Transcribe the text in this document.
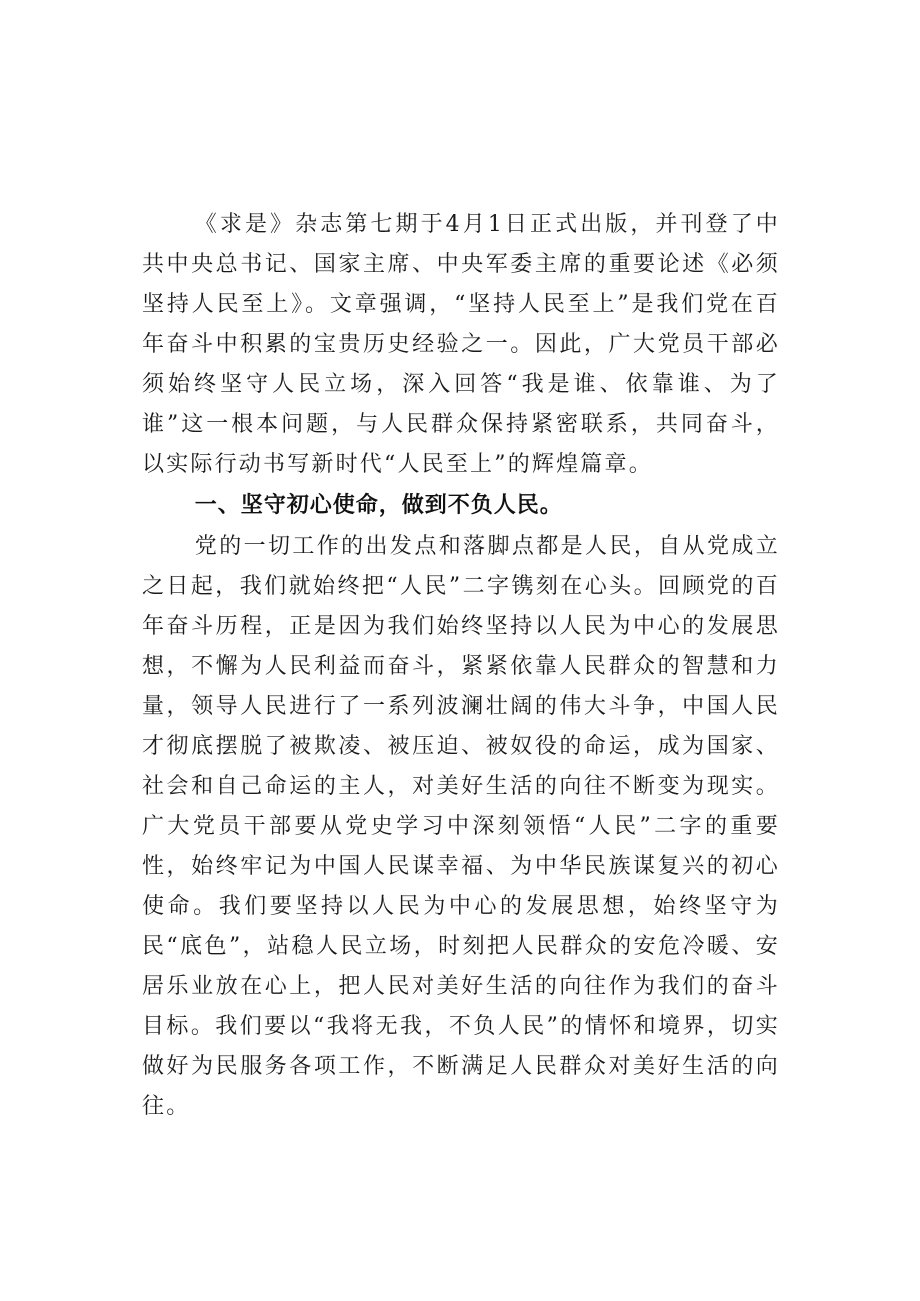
《求是》杂志第七期于4月1日正式出版，并刊登了中共中央总书记、国家主席、中央军委主席的重要论述《必须坚持人民至上》。文章强调，“坚持人民至上”是我们党在百年奋斗中积累的宝贵历史经验之一。因此，广大党员干部必须始终坚守人民立场，深入回答“我是谁、依靠谁、为了谁”这一根本问题，与人民群众保持紧密联系，共同奋斗，以实际行动书写新时代“人民至上”的辉煌篇章。

一、坚守初心使命，做到不负人民。

党的一切工作的出发点和落脚点都是人民，自从党成立之日起，我们就始终把“人民”二字镌刻在心头。回顾党的百年奋斗历程，正是因为我们始终坚持以人民为中心的发展思想，不懈为人民利益而奋斗，紧紧依靠人民群众的智慧和力量，领导人民进行了一系列波澜壮阔的伟大斗争，中国人民才彻底摆脱了被欺凌、被压迫、被奴役的命运，成为国家、社会和自己命运的主人，对美好生活的向往不断变为现实。广大党员干部要从党史学习中深刻领悟“人民”二字的重要性，始终牢记为中国人民谋幸福、为中华民族谋复兴的初心使命。我们要坚持以人民为中心的发展思想，始终坚守为民“底色”，站稳人民立场，时刻把人民群众的安危冷暖、安居乐业放在心上，把人民对美好生活的向往作为我们的奋斗目标。我们要以“我将无我，不负人民”的情怀和境界，切实做好为民服务各项工作，不断满足人民群众对美好生活的向往。
